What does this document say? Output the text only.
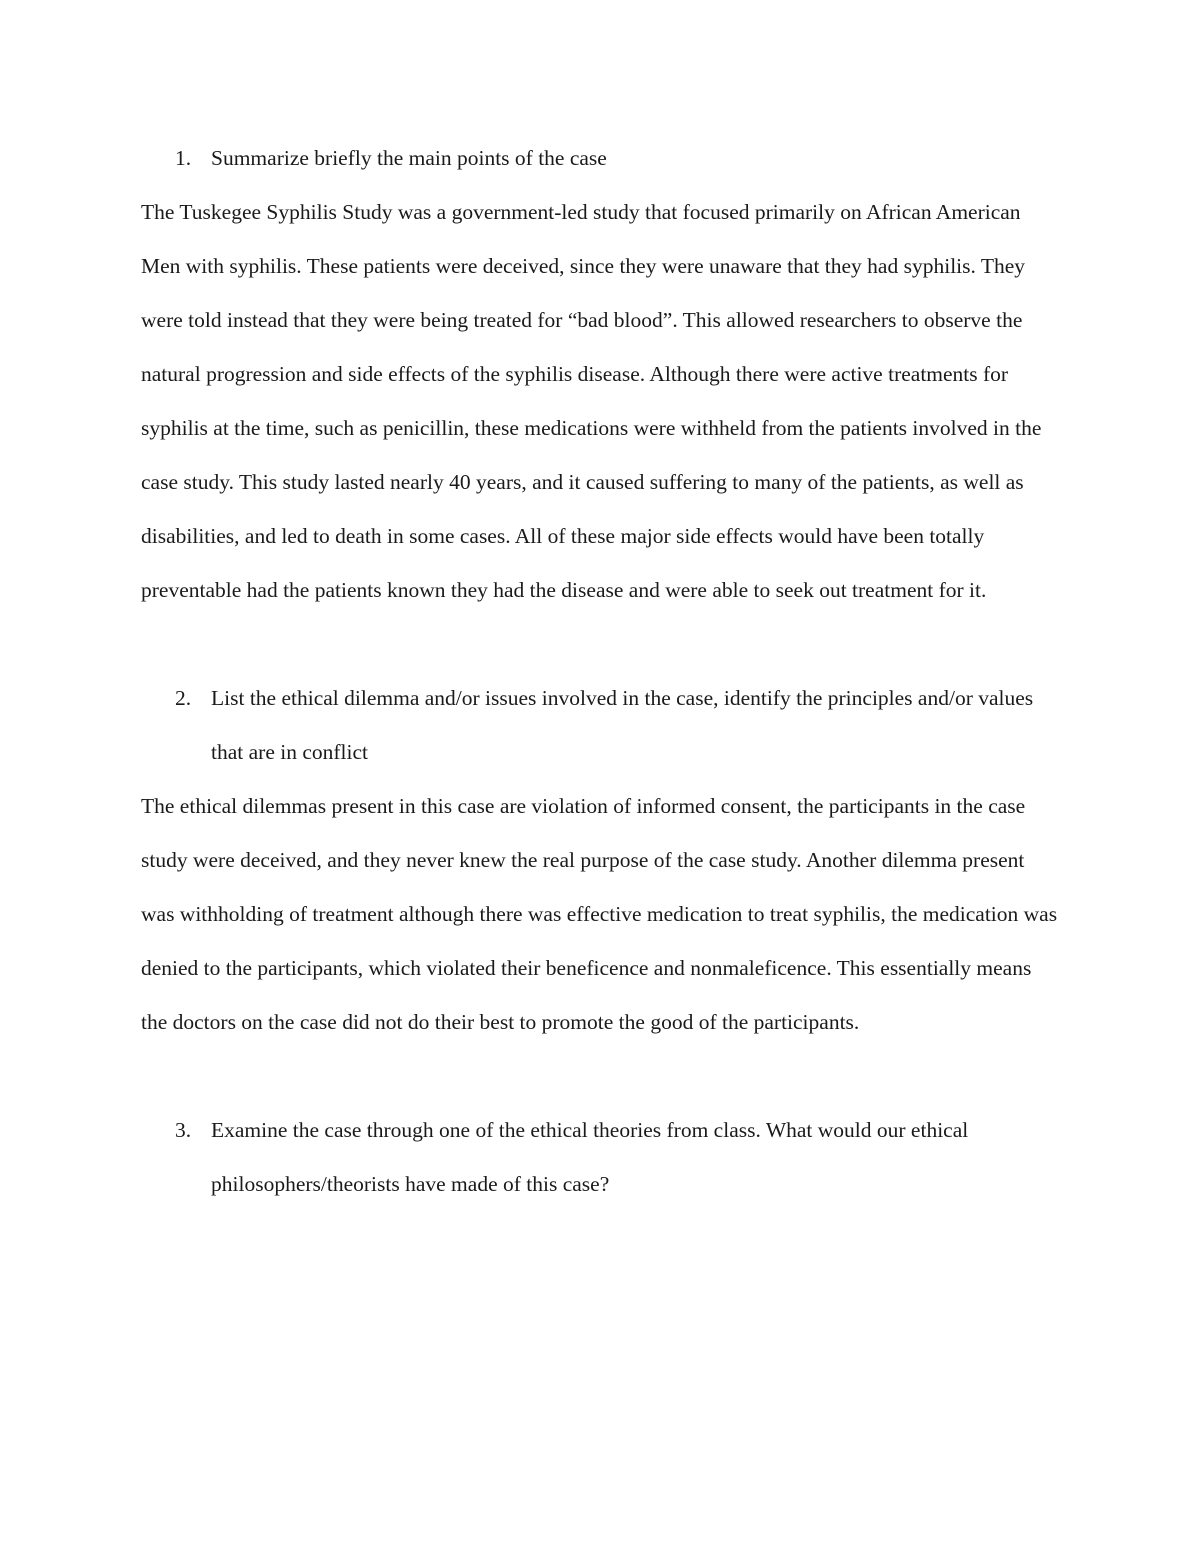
1. Summarize briefly the main points of the case

The Tuskegee Syphilis Study was a government-led study that focused primarily on African American Men with syphilis. These patients were deceived, since they were unaware that they had syphilis. They were told instead that they were being treated for “bad blood”. This allowed researchers to observe the natural progression and side effects of the syphilis disease. Although there were active treatments for syphilis at the time, such as penicillin, these medications were withheld from the patients involved in the case study. This study lasted nearly 40 years, and it caused suffering to many of the patients, as well as disabilities, and led to death in some cases. All of these major side effects would have been totally preventable had the patients known they had the disease and were able to seek out treatment for it.

2. List the ethical dilemma and/or issues involved in the case, identify the principles and/or values that are in conflict

The ethical dilemmas present in this case are violation of informed consent, the participants in the case study were deceived, and they never knew the real purpose of the case study. Another dilemma present was withholding of treatment although there was effective medication to treat syphilis, the medication was denied to the participants, which violated their beneficence and nonmaleficence. This essentially means the doctors on the case did not do their best to promote the good of the participants.

3. Examine the case through one of the ethical theories from class. What would our ethical philosophers/theorists have made of this case?
